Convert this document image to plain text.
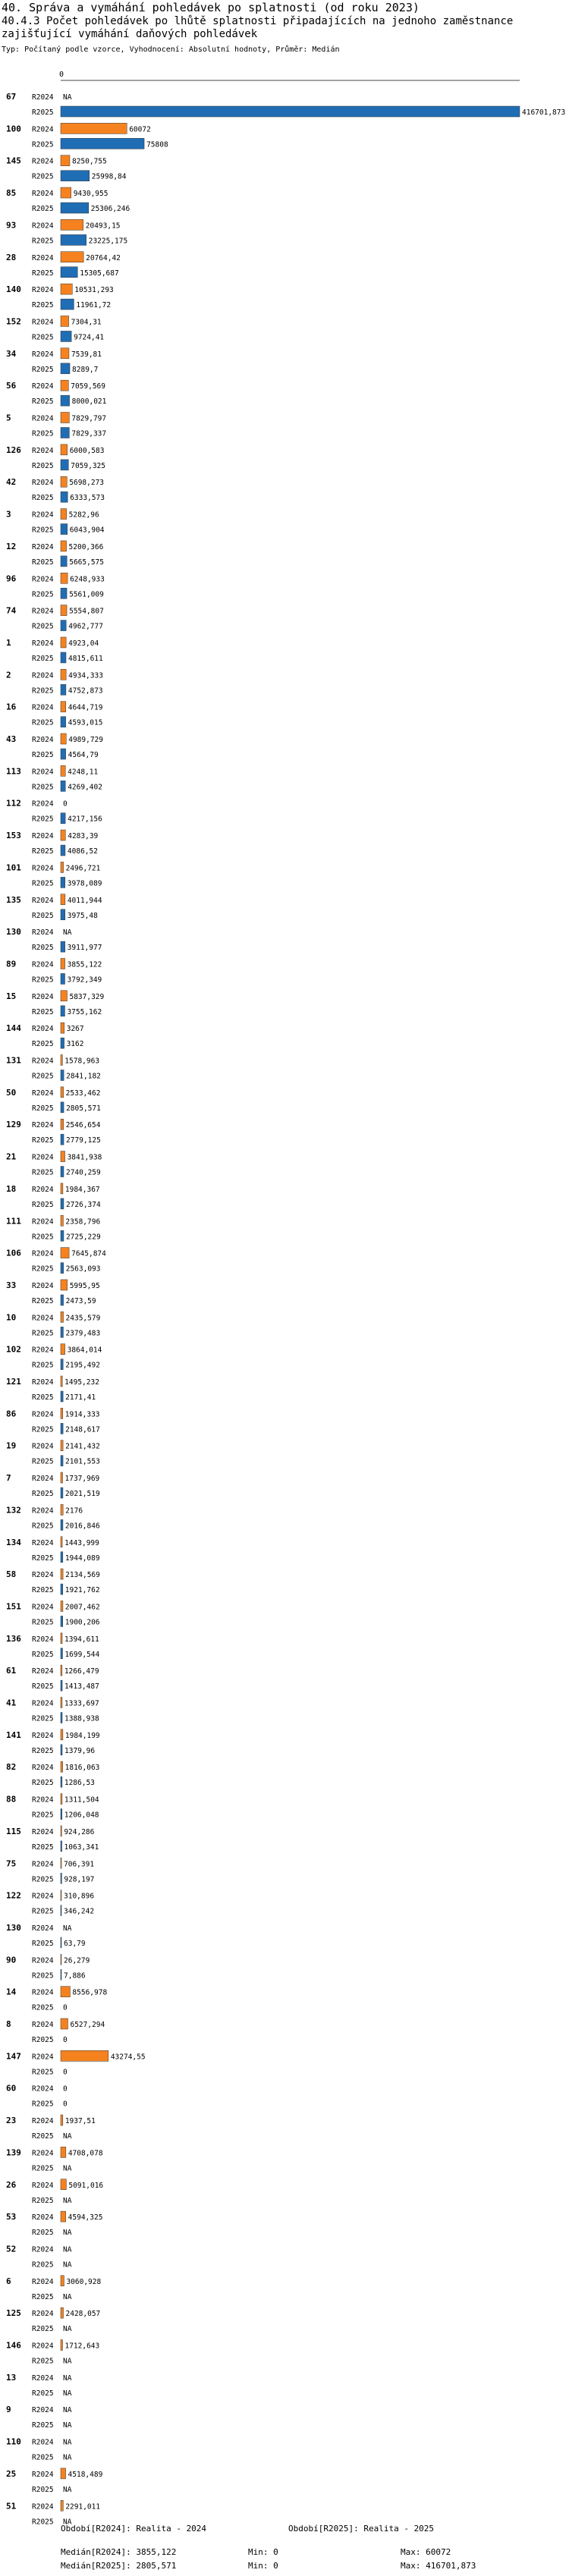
40. Správa a vymáhání pohledávek po splatnosti (od roku 2023)
40.4.3 Počet pohledávek po lhůtě splatnosti připadajících na jednoho zaměstnance zajišťující vymáhání daňových pohledávek
Typ: Počítaný podle vzorce, Vyhodnocení: Absolutní hodnoty, Průměr: Medián
0
67 R2024 NA
R2025	416701,873
100 R2024	60072
R2025	75808
145 R2024	8250,755
R2025	25998,84
85 R2024	9430,955
R2025	25306,246
93 R2024	20493,15
R2025	23225,175
28 R2024	20764,42
R2025	15305,687
140 R2024	10531,293
R2025	11961,72
152 R2024 7304,31
R2025	9724,41
34 R2024 7539,81
R2025	8289,7
56 R2024 7059,569
R2025	8000,021
5	R2024	7829,797
R2025	7829,337
126 R2024 6000,583
R2025 7059,325
42 R2024 5698,273
R2025 6333,573
3	R2024 5282,96
R2025 6043,904
12 R2024 5200,366
R2025 5665,575
96 R2024 6248,933
R2025 5561,009
74 R2024 5554,807
R2025 4962,777
1	R2024 4923,04
R2025 4815,611
2	R2024 4934,333
R2025 4752,873
16 R2024 4644,719
R2025 4593,015
43 R2024 4989,729
R2025 4564,79
113 R2024 4248,11
R2025 4269,402
112 R2024 0
R2025 4217,156
153 R2024 4283,39
R2025 4086,52
101 R2024 2496,721
R2025 3978,089
135 R2024 4011,944
R2025 3975,48
130 R2024 NA
R2025 3911,977
89 R2024 3855,122
R2025 3792,349
15 R2024 5837,329
R2025 3755,162
144 R2024 3267
R2025 3162
131 R2024 1578,963
R2025 2841,182
50 R2024 2533,462
R2025 2805,571
129 R2024 2546,654
R2025 2779,125
21 R2024 3841,938
R2025 2740,259
18 R2024 1984,367
R2025 2726,374
111 R2024 2358,796
R2025 2725,229
106 R2024 7645,874
R2025 2563,093
33 R2024 5995,95
R2025 2473,59
10 R2024 2435,579
R2025 2379,483
102 R2024 3864,014
R2025 2195,492
121 R2024 1495,232
R2025 2171,41
86 R2024 1914,333
R2025 2148,617
19 R2024 2141,432
R2025 2101,553
7	R2024 1737,969
R2025 2021,519
132 R2024 2176
R2025 2016,846
134 R2024 1443,999
R2025 1944,089
58 R2024 2134,569
R2025 1921,762
151 R2024 2007,462
R2025 1900,206
136 R2024 1394,611
R2025 1699,544
61 R2024 1266,479
R2025 1413,487
41 R2024 1333,697
R2025 1388,938
141 R2024 1984,199
R2025 1379,96
82 R2024 1816,063
R2025 1286,53
88 R2024 1311,504
R2025 1206,048
115 R2024 924,286
R2025 1063,341
75 R2024 706,391
R2025 928,197
122 R2024 310,896
R2025 346,242
130 R2024 NA
R2025 63,79
90 R2024 26,279
R2025 7,886
14 R2024	8556,978
R2025 0
8	R2024 6527,294
R2025 0
147 R2024	43274,55
R2025 0
60 R2024 0
R2025 0
23 R2024 1937,51
R2025 NA
139 R2024 4708,078
R2025 NA
26 R2024 5091,016
R2025 NA
53 R2024 4594,325
R2025 NA
52 R2024 NA
R2025 NA
6	R2024 3060,928
R2025 NA
125 R2024 2428,057
R2025 NA
146 R2024 1712,643
R2025 NA
13 R2024 NA
R2025 NA
9	R2024 NA
R2025 NA
110 R2024 NA
R2025 NA
25 R2024 4518,489
R2025 NA
51 R2024 2291,011
R2025 NA
Období[R2024]: Realita - 2024	Období[R2025]: Realita - 2025
Medián[R2024]: 3855,122	Min: 0	Max: 60072
Medián[R2025]: 2805,571	Min: 0	Max: 416701,873
